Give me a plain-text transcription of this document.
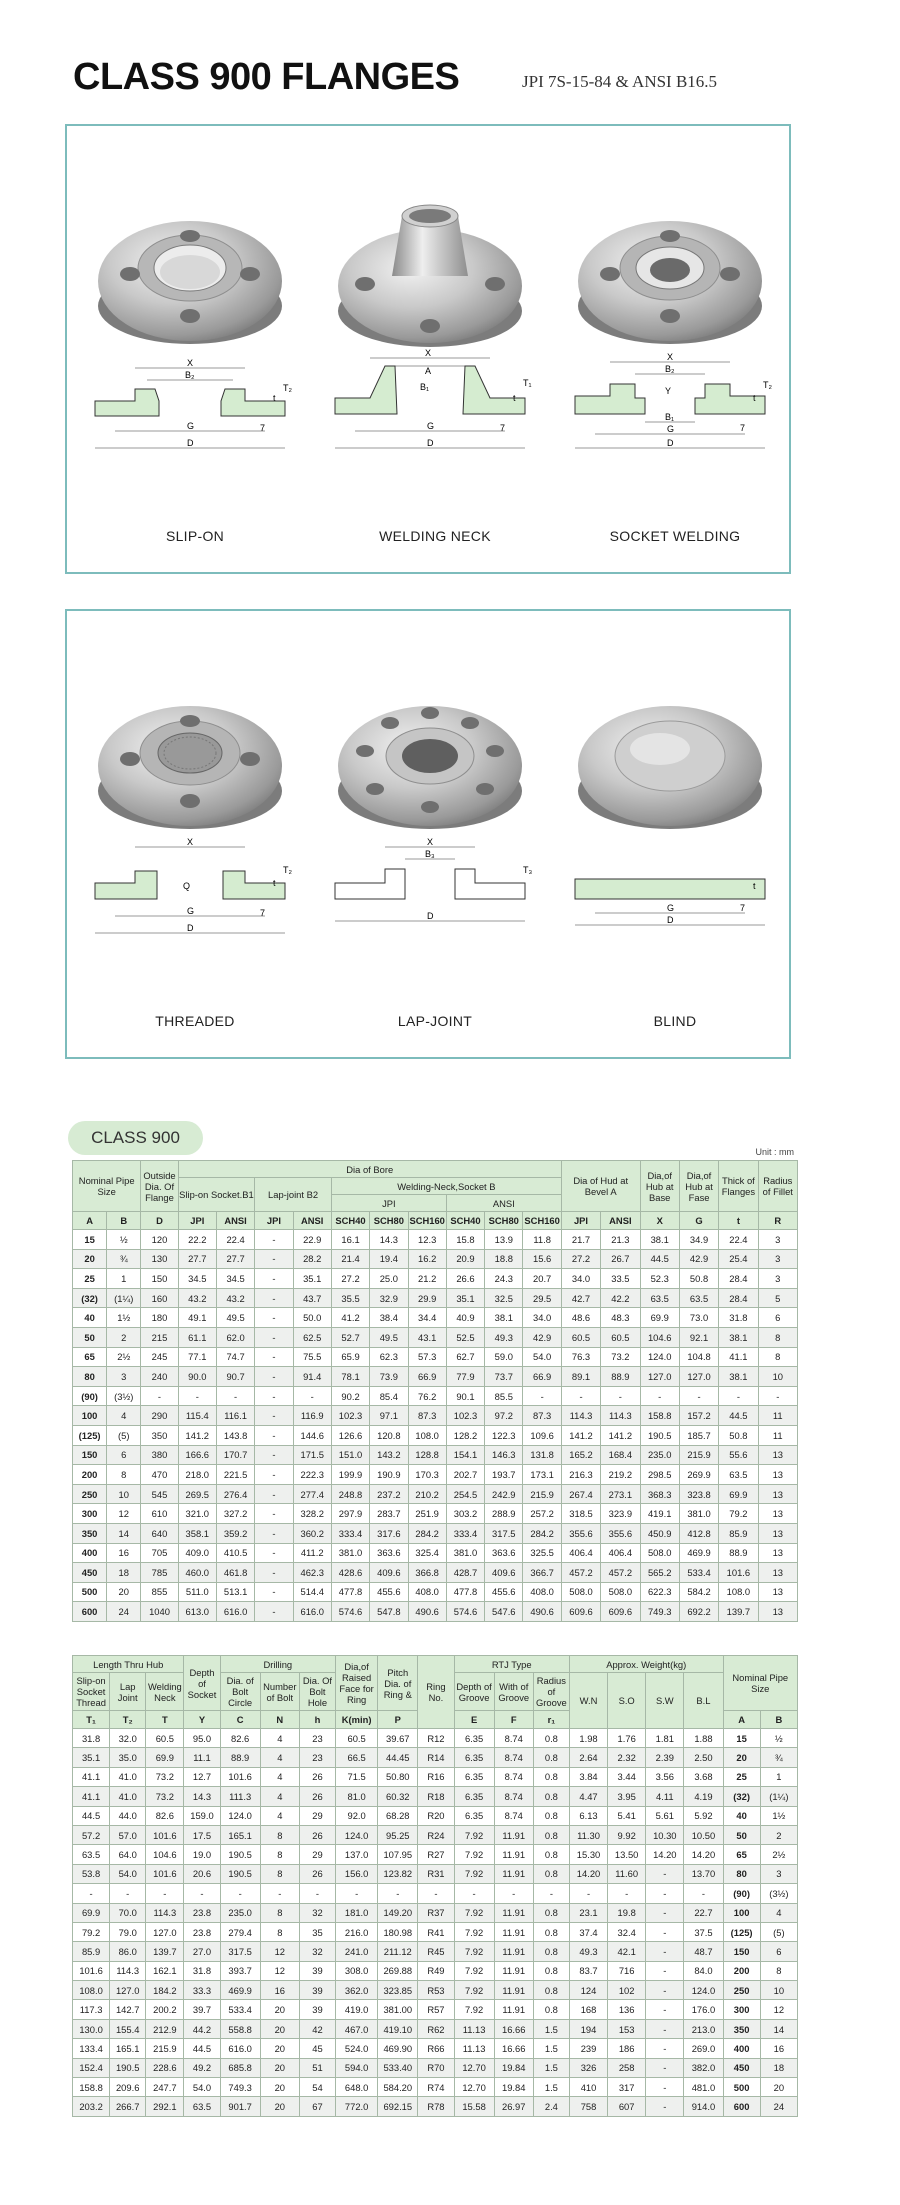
CLASS 900 FLANGES	JPI 7S-15-84 & ANSI B16.5
X
B₂
G
D
t
T₂
7
X
A
B₁
G
D
t
T₁
7
X
B₂
Y
B₁
G
D
t
T₂
7
SLIP-ON	WELDING NECK	SOCKET WELDING
X
Q
G
D
t
T₂
7
X
B₃
D
T₃
G
D
t
7
THREADED	LAP-JOINT	BLIND
CLASS 900
Unit : mm
Nominal Pipe Size		Outside Dia. Of Flange	Dia of Bore										Dia of Hud at Bevel A		Dia,of Hub at Base	Dia,of Hub at Fase	Thick of Flanges	Radius of Fillet
			Slip-on Socket.B1		Lap-joint B2		Welding-Neck,Socket B											
							JPI			ANSI								
A	B	D	JPI	ANSI	JPI	ANSI	SCH40	SCH80	SCH160	SCH40	SCH80	SCH160	JPI	ANSI	X	G	t	R
15	½	120	22.2	22.4	-	22.9	16.1	14.3	12.3	15.8	13.9	11.8	21.7	21.3	38.1	34.9	22.4	3
20	¾	130	27.7	27.7	-	28.2	21.4	19.4	16.2	20.9	18.8	15.6	27.2	26.7	44.5	42.9	25.4	3
25	1	150	34.5	34.5	-	35.1	27.2	25.0	21.2	26.6	24.3	20.7	34.0	33.5	52.3	50.8	28.4	3
(32)	(1¼)	160	43.2	43.2	-	43.7	35.5	32.9	29.9	35.1	32.5	29.5	42.7	42.2	63.5	63.5	28.4	5
40	1½	180	49.1	49.5	-	50.0	41.2	38.4	34.4	40.9	38.1	34.0	48.6	48.3	69.9	73.0	31.8	6
50	2	215	61.1	62.0	-	62.5	52.7	49.5	43.1	52.5	49.3	42.9	60.5	60.5	104.6	92.1	38.1	8
65	2½	245	77.1	74.7	-	75.5	65.9	62.3	57.3	62.7	59.0	54.0	76.3	73.2	124.0	104.8	41.1	8
80	3	240	90.0	90.7	-	91.4	78.1	73.9	66.9	77.9	73.7	66.9	89.1	88.9	127.0	127.0	38.1	10
(90)	(3½)	-	-	-	-	-	90.2	85.4	76.2	90.1	85.5	-	-	-	-	-	-	-
100	4	290	115.4	116.1	-	116.9	102.3	97.1	87.3	102.3	97.2	87.3	114.3	114.3	158.8	157.2	44.5	11
(125)	(5)	350	141.2	143.8	-	144.6	126.6	120.8	108.0	128.2	122.3	109.6	141.2	141.2	190.5	185.7	50.8	11
150	6	380	166.6	170.7	-	171.5	151.0	143.2	128.8	154.1	146.3	131.8	165.2	168.4	235.0	215.9	55.6	13
200	8	470	218.0	221.5	-	222.3	199.9	190.9	170.3	202.7	193.7	173.1	216.3	219.2	298.5	269.9	63.5	13
250	10	545	269.5	276.4	-	277.4	248.8	237.2	210.2	254.5	242.9	215.9	267.4	273.1	368.3	323.8	69.9	13
300	12	610	321.0	327.2	-	328.2	297.9	283.7	251.9	303.2	288.9	257.2	318.5	323.9	419.1	381.0	79.2	13
350	14	640	358.1	359.2	-	360.2	333.4	317.6	284.2	333.4	317.5	284.2	355.6	355.6	450.9	412.8	85.9	13
400	16	705	409.0	410.5	-	411.2	381.0	363.6	325.4	381.0	363.6	325.5	406.4	406.4	508.0	469.9	88.9	13
450	18	785	460.0	461.8	-	462.3	428.6	409.6	366.8	428.7	409.6	366.7	457.2	457.2	565.2	533.4	101.6	13
500	20	855	511.0	513.1	-	514.4	477.8	455.6	408.0	477.8	455.6	408.0	508.0	508.0	622.3	584.2	108.0	13
600	24	1040	613.0	616.0	-	616.0	574.6	547.8	490.6	574.6	547.6	490.6	609.6	609.6	749.3	692.2	139.7	13
Length Thru Hub			Depth of Socket	Drilling			Dia,of Raised Face for Ring	Pitch Dia. of Ring &	Ring No.	RTJ Type			Approx. Weight(kg)				Nominal Pipe Size	
Slip-on Socket Thread	Lap Joint	Welding Neck		Dia. of Bolt Circle	Number of Bolt	Dia. Of Bolt Hole				Depth of Groove	With of Groove	Radius of Groove	W.N	S.O	S.W	B.L		
T₁	T₂	T	Y	C	N	h	K(min)	P		E	F	r₁					A	B
31.8	32.0	60.5	95.0	82.6	4	23	60.5	39.67	R12	6.35	8.74	0.8	1.98	1.76	1.81	1.88	15	½
35.1	35.0	69.9	11.1	88.9	4	23	66.5	44.45	R14	6.35	8.74	0.8	2.64	2.32	2.39	2.50	20	¾
41.1	41.0	73.2	12.7	101.6	4	26	71.5	50.80	R16	6.35	8.74	0.8	3.84	3.44	3.56	3.68	25	1
41.1	41.0	73.2	14.3	111.3	4	26	81.0	60.32	R18	6.35	8.74	0.8	4.47	3.95	4.11	4.19	(32)	(1¼)
44.5	44.0	82.6	159.0	124.0	4	29	92.0	68.28	R20	6.35	8.74	0.8	6.13	5.41	5.61	5.92	40	1½
57.2	57.0	101.6	17.5	165.1	8	26	124.0	95.25	R24	7.92	11.91	0.8	11.30	9.92	10.30	10.50	50	2
63.5	64.0	104.6	19.0	190.5	8	29	137.0	107.95	R27	7.92	11.91	0.8	15.30	13.50	14.20	14.20	65	2½
53.8	54.0	101.6	20.6	190.5	8	26	156.0	123.82	R31	7.92	11.91	0.8	14.20	11.60	-	13.70	80	3
-	-	-	-	-	-	-	-	-	-	-	-	-	-	-	-	-	(90)	(3½)
69.9	70.0	114.3	23.8	235.0	8	32	181.0	149.20	R37	7.92	11.91	0.8	23.1	19.8	-	22.7	100	4
79.2	79.0	127.0	23.8	279.4	8	35	216.0	180.98	R41	7.92	11.91	0.8	37.4	32.4	-	37.5	(125)	(5)
85.9	86.0	139.7	27.0	317.5	12	32	241.0	211.12	R45	7.92	11.91	0.8	49.3	42.1	-	48.7	150	6
101.6	114.3	162.1	31.8	393.7	12	39	308.0	269.88	R49	7.92	11.91	0.8	83.7	716	-	84.0	200	8
108.0	127.0	184.2	33.3	469.9	16	39	362.0	323.85	R53	7.92	11.91	0.8	124	102	-	124.0	250	10
117.3	142.7	200.2	39.7	533.4	20	39	419.0	381.00	R57	7.92	11.91	0.8	168	136	-	176.0	300	12
130.0	155.4	212.9	44.2	558.8	20	42	467.0	419.10	R62	11.13	16.66	1.5	194	153	-	213.0	350	14
133.4	165.1	215.9	44.5	616.0	20	45	524.0	469.90	R66	11.13	16.66	1.5	239	186	-	269.0	400	16
152.4	190.5	228.6	49.2	685.8	20	51	594.0	533.40	R70	12.70	19.84	1.5	326	258	-	382.0	450	18
158.8	209.6	247.7	54.0	749.3	20	54	648.0	584.20	R74	12.70	19.84	1.5	410	317	-	481.0	500	20
203.2	266.7	292.1	63.5	901.7	20	67	772.0	692.15	R78	15.58	26.97	2.4	758	607	-	914.0	600	24
